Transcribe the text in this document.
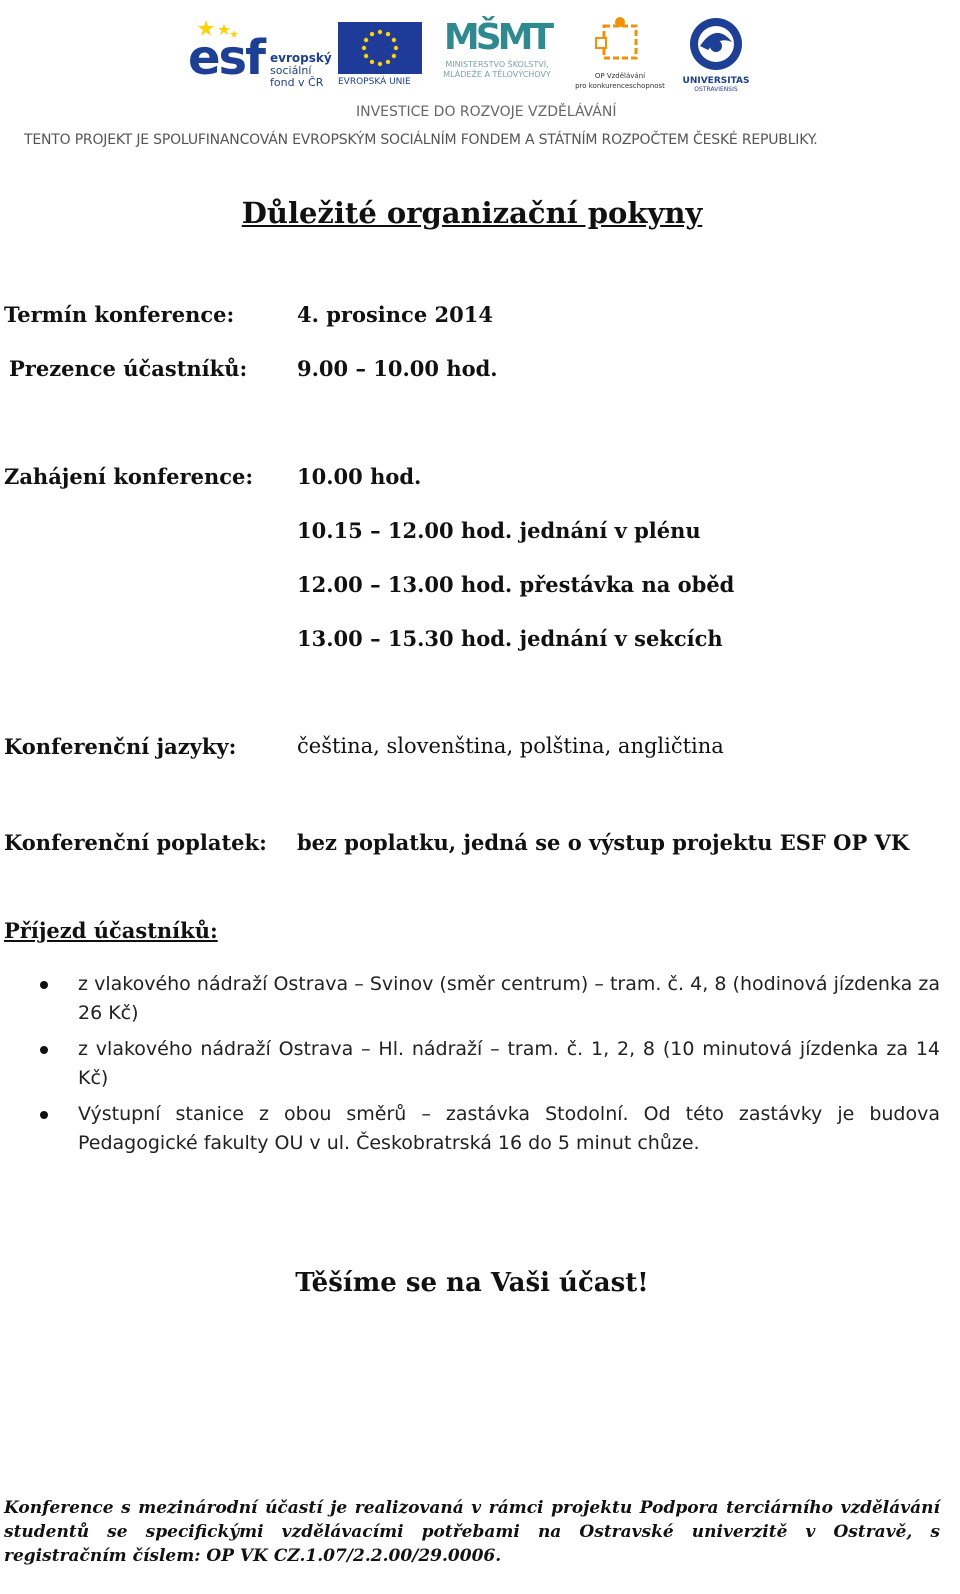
esf evropský
sociální
fond v ČR	EVROPSKÁ UNIE
MŠMT
MINISTERSTVO ŠKOLSTVÍ,
MLÁDEŽE A TĚLOVÝCHOVY	OP Vzdělávání
pro konkurenceschopnost	UNIVERSITAS
OSTRAVIENSIS
INVESTICE DO ROZVOJE VZDĚLÁVÁNÍ
TENTO PROJEKT JE SPOLUFINANCOVÁN EVROPSKÝM SOCIÁLNÍM FONDEM A STÁTNÍM ROZPOČTEM ČESKÉ REPUBLIKY.
Důležité organizační pokyny
Termín konference:	4. prosince 2014
Prezence účastníků: 9.00 – 10.00 hod.
Zahájení konference: 10.00 hod.
10.15 – 12.00 hod. jednání v plénu
12.00 – 13.00 hod. přestávka na oběd
13.00 – 15.30 hod. jednání v sekcích
Konferenční jazyky:	čeština, slovenština, polština, angličtina
Konferenční poplatek: bez poplatku, jedná se o výstup projektu ESF OP VK
Příjezd účastníků:
z vlakového nádraží Ostrava – Svinov (směr centrum) – tram. č. 4, 8 (hodinová jízdenka za 26 Kč)
z vlakového nádraží Ostrava – Hl. nádraží – tram. č. 1, 2, 8 (10 minutová jízdenka za 14 Kč)
Výstupní stanice z obou směrů – zastávka Stodolní. Od této zastávky je budova Pedagogické fakulty OU v ul. Českobratrská 16 do 5 minut chůze.
Těšíme se na Vaši účast!
Konference s mezinárodní účastí je realizovaná v rámci projektu Podpora terciárního vzdělávání studentů se specifickými vzdělávacími potřebami na Ostravské univerzitě v Ostravě, s registračním číslem: OP VK CZ.1.07/2.2.00/29.0006.
